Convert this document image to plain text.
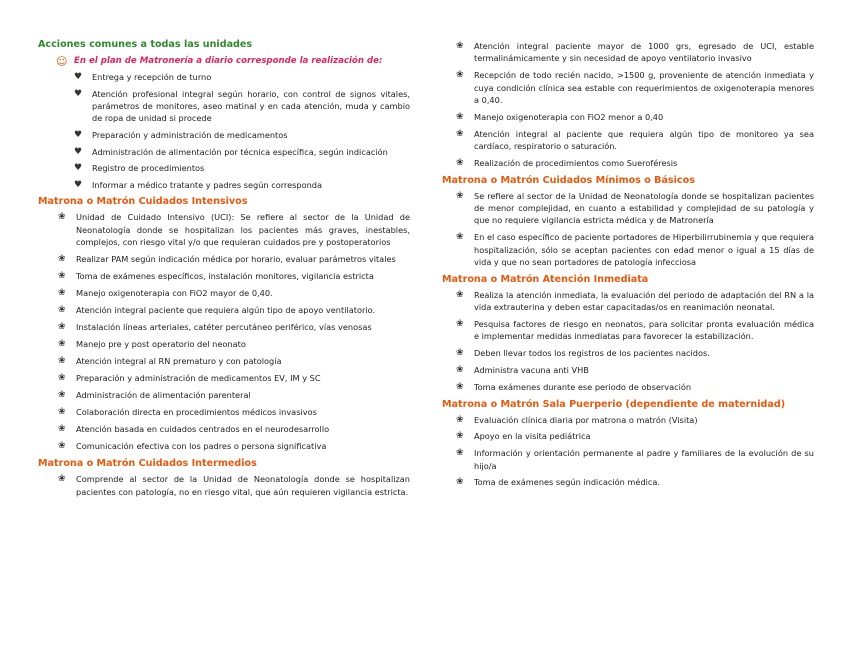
Acciones comunes a todas las unidades
☺ En el plan de Matronería a diario corresponde la realización de:
♥	Entrega y recepción de turno
♥	Atención profesional integral según horario, con control de signos vitales, parámetros de monitores, aseo matinal y en cada atención, muda y cambio de ropa de unidad si procede
♥	Preparación y administración de medicamentos
♥	Administración de alimentación por técnica específica, según indicación
♥	Registro de procedimientos
♥	Informar a médico tratante y padres según corresponda
Matrona o Matrón Cuidados Intensivos
❀	Unidad de Cuidado Intensivo (UCI): Se refiere al sector de la Unidad de Neonatología donde se hospitalizan los pacientes más graves, inestables, complejos, con riesgo vital y/o que requieran cuidados pre y postoperatorios
❀	Realizar PAM según indicación médica por horario, evaluar parámetros vitales
❀	Toma de exámenes específicos, instalación monitores, vigilancia estricta
❀	Manejo oxigenoterapia con FiO2 mayor de 0,40.
❀	Atención integral paciente que requiera algún tipo de apoyo ventilatorio.
❀	Instalación líneas arteriales, catéter percutáneo periférico, vías venosas
❀	Manejo pre y post operatorio del neonato
❀	Atención integral al RN prematuro y con patología
❀	Preparación y administración de medicamentos EV, IM y SC
❀	Administración de alimentación parenteral
❀	Colaboración directa en procedimientos médicos invasivos
❀	Atención basada en cuidados centrados en el neurodesarrollo
❀	Comunicación efectiva con los padres o persona significativa
Matrona o Matrón Cuidados Intermedios
❀	Comprende al sector de la Unidad de Neonatología donde se hospitalizan pacientes con patología, no en riesgo vital, que aún requieren vigilancia estricta.
❀	Atención integral paciente mayor de 1000 grs, egresado de UCI, estable termalinámicamente y sin necesidad de apoyo ventilatorio invasivo
❀	Recepción de todo recién nacido, >1500 g, proveniente de atención inmediata y cuya condición clínica sea estable con requerimientos de oxigenoterapia menores a 0,40.
❀	Manejo oxigenoterapia con FiO2 menor a 0,40
❀	Atención integral al paciente que requiera algún tipo de monitoreo ya sea cardíaco, respiratorio o saturación.
❀	Realización de procedimientos como Sueroféresis
Matrona o Matrón Cuidados Mínimos o Básicos
❀	Se refiere al sector de la Unidad de Neonatología donde se hospitalizan pacientes de menor complejidad, en cuanto a estabilidad y complejidad de su patología y que no requiere vigilancia estricta médica y de Matronería
❀	En el caso específico de paciente portadores de Hiperbilirrubinemia y que requiera hospitalización, sólo se aceptan pacientes con edad menor o igual a 15 días de vida y que no sean portadores de patología infecciosa
Matrona o Matrón Atención Inmediata
❀	Realiza la atención inmediata, la evaluación del periodo de adaptación del RN a la vida extrauterina y deben estar capacitadas/os en reanimación neonatal.
❀	Pesquisa factores de riesgo en neonatos, para solicitar pronta evaluación médica e implementar medidas inmediatas para favorecer la estabilización.
❀	Deben llevar todos los registros de los pacientes nacidos.
❀	Administra vacuna anti VHB
❀	Toma exámenes durante ese periodo de observación
Matrona o Matrón Sala Puerperio (dependiente de maternidad)
❀	Evaluación clínica diaria por matrona o matrón (Visita)
❀	Apoyo en la visita pediátrica
❀	Información y orientación permanente al padre y familiares de la evolución de su hijo/a
❀	Toma de exámenes según indicación médica.
